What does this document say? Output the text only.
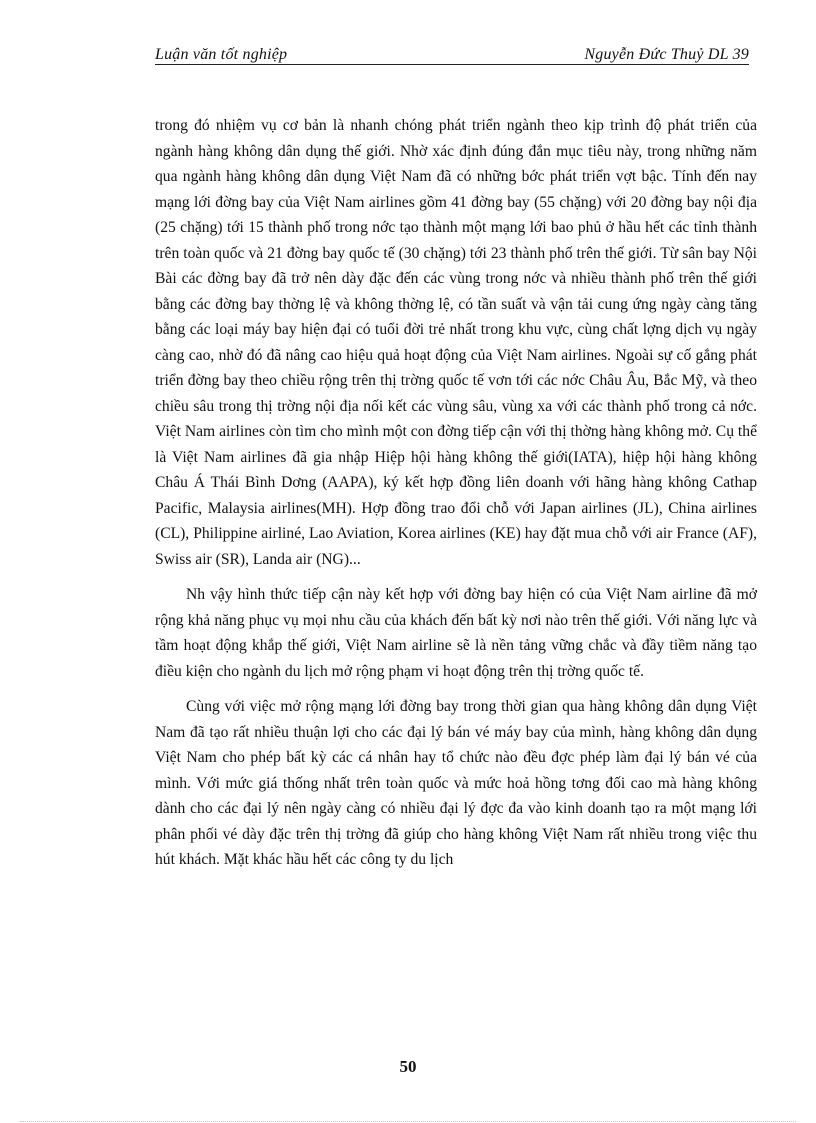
Luận văn tốt nghiệp	Nguyễn Đức Thuỷ DL 39

trong đó nhiệm vụ cơ bản là nhanh chóng phát triển ngành theo kịp trình độ phát triển của ngành hàng không dân dụng thế giới. Nhờ xác định đúng đắn mục tiêu này, trong những năm qua ngành hàng không dân dụng Việt Nam đã có những bớc phát triển vợt bậc. Tính đến nay mạng lới đờng bay của Việt Nam airlines gồm 41 đờng bay (55 chặng) với 20 đờng bay nội địa (25 chặng) tới 15 thành phố trong nớc tạo thành một mạng lới bao phủ ở hầu hết các tỉnh thành trên toàn quốc và 21 đờng bay quốc tế (30 chặng) tới 23 thành phố trên thế giới. Từ sân bay Nội Bài các đờng bay đã trở nên dày đặc đến các vùng trong nớc và nhiều thành phố trên thế giới bằng các đờng bay thờng lệ và không thờng lệ, có tần suất và vận tải cung ứng ngày càng tăng bằng các loại máy bay hiện đại có tuổi đời trẻ nhất trong khu vực, cùng chất lợng dịch vụ ngày càng cao, nhờ đó đã nâng cao hiệu quả hoạt động của Việt Nam airlines. Ngoài sự cố gắng phát triển đờng bay theo chiều rộng trên thị trờng quốc tế vơn tới các nớc Châu Âu, Bắc Mỹ, và theo chiều sâu trong thị trờng nội địa nối kết các vùng sâu, vùng xa với các thành phố trong cả nớc. Việt Nam airlines còn tìm cho mình một con đờng tiếp cận với thị thờng hàng không mở. Cụ thể là Việt Nam airlines đã gia nhập Hiệp hội hàng không thế giới(IATA), hiệp hội hàng không Châu Á Thái Bình Dơng (AAPA), ký kết hợp đồng liên doanh với hãng hàng không Cathap Pacific, Malaysia airlines(MH). Hợp đồng trao đổi chỗ với Japan airlines (JL), China airlines (CL), Philippine airliné, Lao Aviation, Korea airlines (KE) hay đặt mua chỗ với air France (AF), Swiss air (SR), Landa air (NG)...

Nh vậy hình thức tiếp cận này kết hợp với đờng bay hiện có của Việt Nam airline đã mở rộng khả năng phục vụ mọi nhu cầu của khách đến bất kỳ nơi nào trên thế giới. Với năng lực và tầm hoạt động khắp thế giới, Việt Nam airline sẽ là nền tảng vững chắc và đầy tiềm năng tạo điều kiện cho ngành du lịch mở rộng phạm vi hoạt động trên thị trờng quốc tế.

Cùng với việc mở rộng mạng lới đờng bay trong thời gian qua hàng không dân dụng Việt Nam đã tạo rất nhiều thuận lợi cho các đại lý bán vé máy bay của mình, hàng không dân dụng Việt Nam cho phép bất kỳ các cá nhân hay tổ chức nào đều đợc phép làm đại lý bán vé của mình. Với mức giá thống nhất trên toàn quốc và mức hoả hồng tơng đối cao mà hàng không dành cho các đại lý nên ngày càng có nhiều đại lý đợc đa vào kinh doanh tạo ra một mạng lới phân phối vé dày đặc trên thị trờng đã giúp cho hàng không Việt Nam rất nhiều trong việc thu hút khách. Mặt khác hầu hết các công ty du lịch

50
